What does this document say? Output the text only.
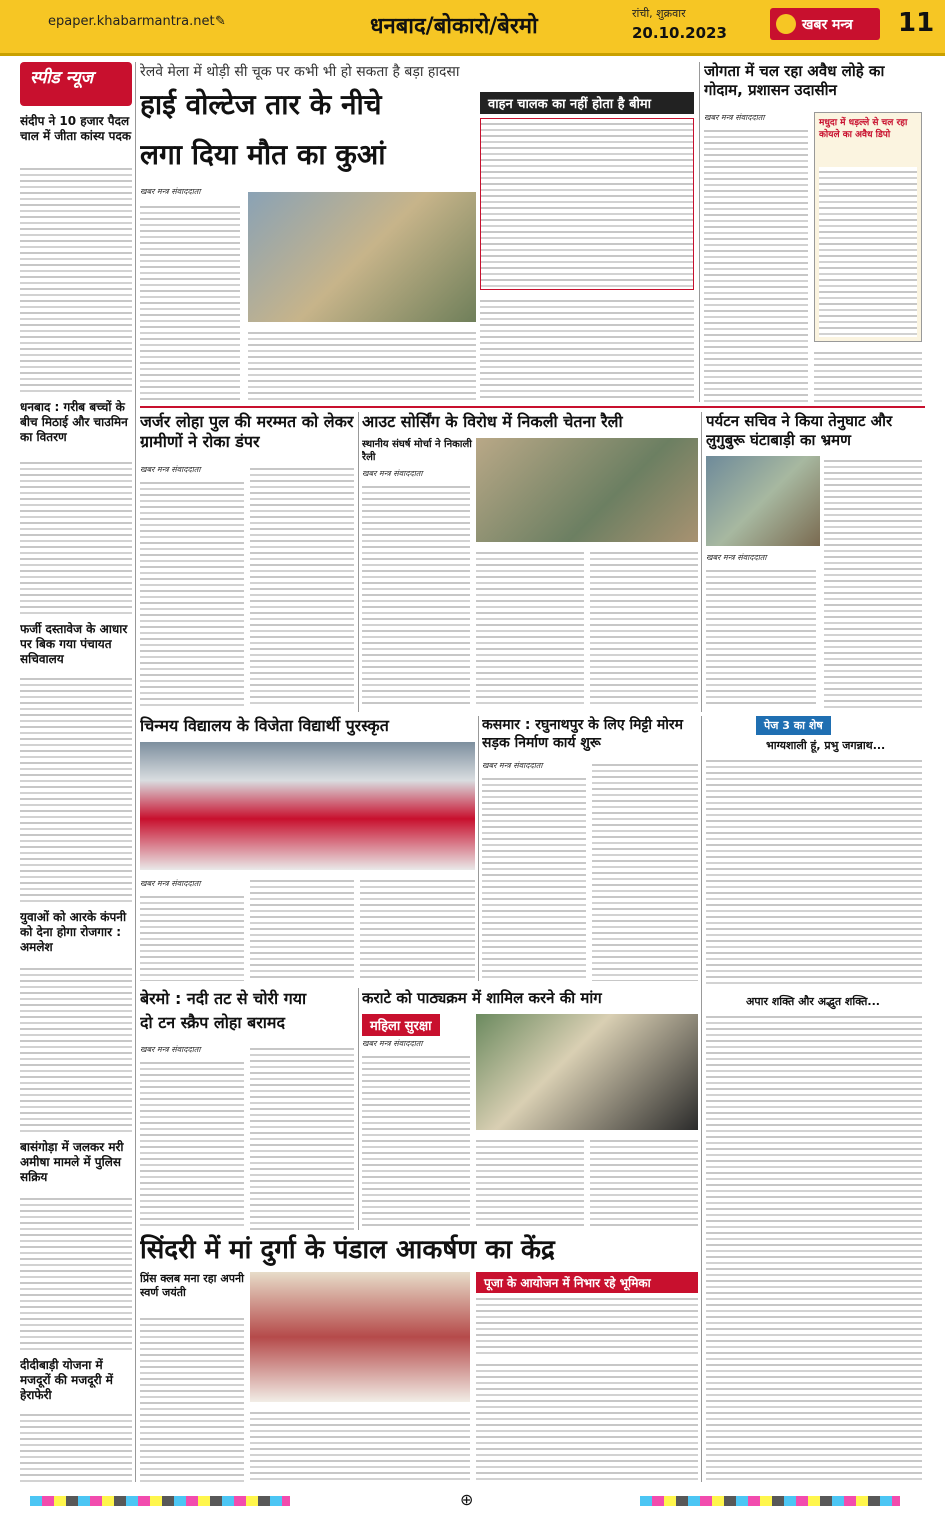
epaper.khabarmantra.net ✎	धनबाद/बोकारो/बेरमो
रांची, शुक्रवार
20.10.2023	खबर मन्त्र 11
स्पीड न्यूज
संदीप ने 10 हजार पैदल चाल में जीता कांस्य पदक
धनबाद : गरीब बच्चों के बीच मिठाई और चाउमिन का वितरण
फर्जी दस्तावेज के आधार पर बिक गया पंचायत सचिवालय
युवाओं को आरके कंपनी को देना होगा रोजगार : अमलेश
बासंगोड़ा में जलकर मरी अमीषा मामले में पुलिस सक्रिय
दीदीबाड़ी योजना में मजदूरों की मजदूरी में हेराफेरी
रेलवे मेला में थोड़ी सी चूक पर कभी भी हो सकता है बड़ा हादसा
हाई वोल्टेज तार के नीचे
लगा दिया मौत का कुआं
वाहन चालक का नहीं होता है बीमा
खबर मन्त्र संवाददाता
जोगता में चल रहा अवैध लोहे का गोदाम, प्रशासन उदासीन
खबर मन्त्र संवाददाता
मधुदा में धड़ल्ले से चल रहा कोयले का अवैध डिपो
जर्जर लोहा पुल की मरम्मत को लेकर ग्रामीणों ने रोका डंपर
खबर मन्त्र संवाददाता
आउट सोर्सिंग के विरोध में निकली चेतना रैली
स्थानीय संघर्ष मोर्चा ने निकाली रैली
खबर मन्त्र संवाददाता
पर्यटन सचिव ने किया तेनुघाट और लुगुबुरू घंटाबाड़ी का भ्रमण
खबर मन्त्र संवाददाता
चिन्मय विद्यालय के विजेता विद्यार्थी पुरस्कृत
खबर मन्त्र संवाददाता
कसमार : रघुनाथपुर के लिए मिट्टी मोरम सड़क निर्माण कार्य शुरू
खबर मन्त्र संवाददाता
पेज 3 का शेष
भाग्यशाली हूं, प्रभु जगन्नाथ...
अपार शक्ति और अद्भुत शक्ति...
बेरमो : नदी तट से चोरी गया
दो टन स्क्रैप लोहा बरामद
खबर मन्त्र संवाददाता
कराटे को पाठ्यक्रम में शामिल करने की मांग
महिला सुरक्षा
खबर मन्त्र संवाददाता
सिंदरी में मां दुर्गा के पंडाल आकर्षण का केंद्र
प्रिंस क्लब मना रहा अपनी स्वर्ण जयंती
पूजा के आयोजन में निभार रहे भूमिका
⊕
